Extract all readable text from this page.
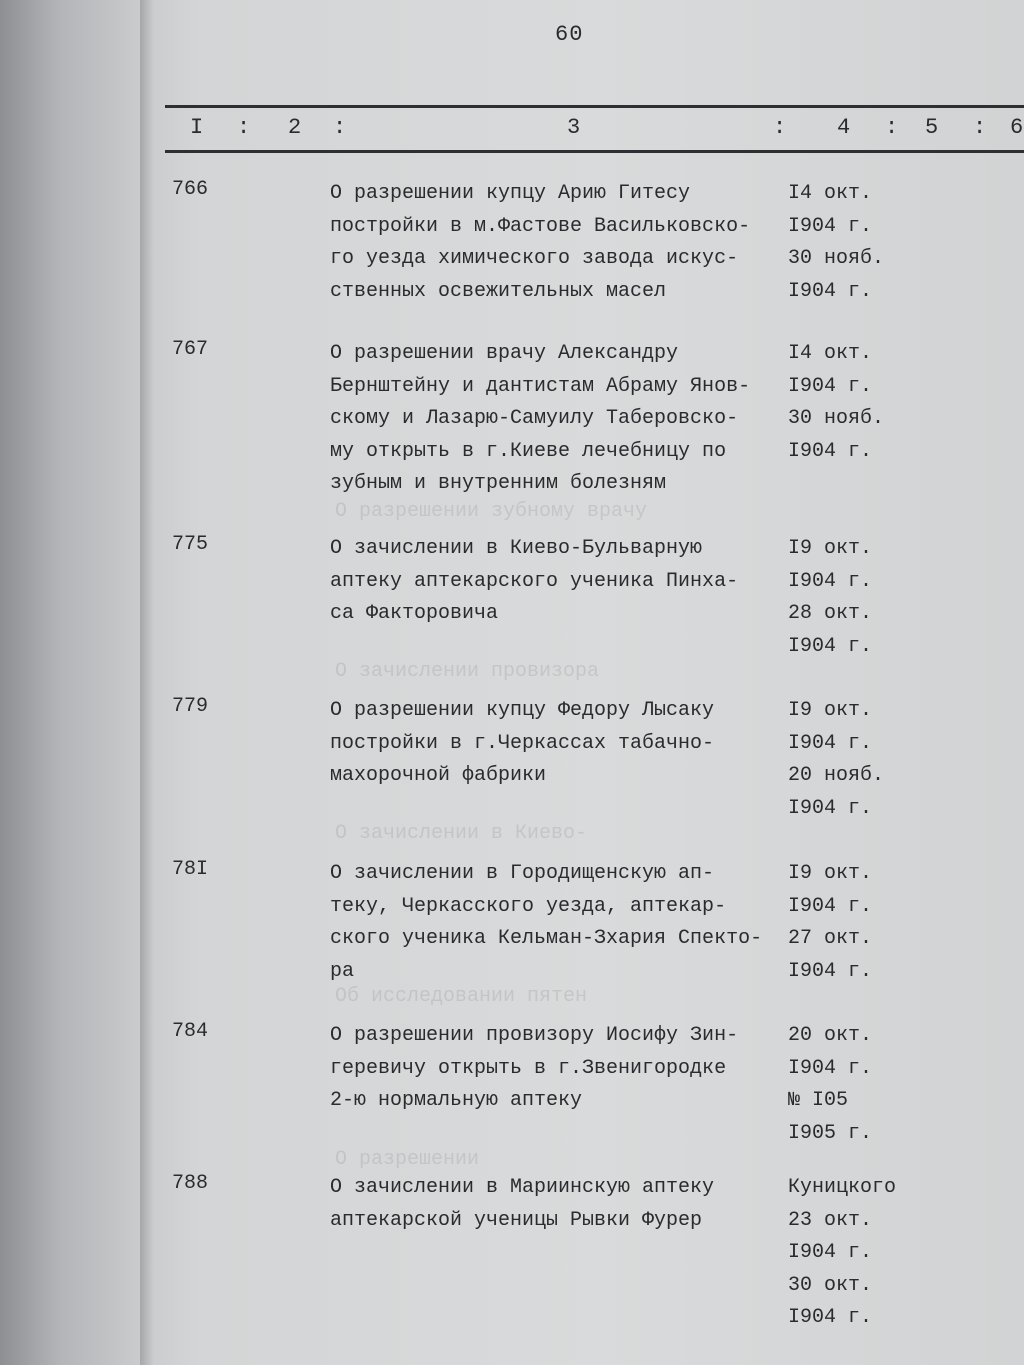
О разрешении зубному врачу
О зачислении провизора
О зачислении в Киево-
Об исследовании пятен
О разрешении
60
I : 2 :	3	: 4 : 5 : 6
766	О разрешении купцу Арию Гитесу
постройки в м.Фастове Васильковско-
го уезда химического завода искус-
ственных освежительных масел
I4 окт.
I904 г.
30 нояб.
I904 г.
767	О разрешении врачу Александру
Бернштейну и дантистам Абраму Янов-
скому и Лазарю-Самуилу Таберовско-
му открыть в г.Киеве лечебницу по
зубным и внутренним болезням
I4 окт.
I904 г.
30 нояб.
I904 г.
775	О зачислении в Киево-Бульварную
аптеку аптекарского ученика Пинха-
са Факторовича
I9 окт.
I904 г.
28 окт.
I904 г.
779	О разрешении купцу Федору Лысаку
постройки в г.Черкассах табачно-
махорочной фабрики
I9 окт.
I904 г.
20 нояб.
I904 г.
78I	О зачислении в Городищенскую ап-
теку, Черкасского уезда, аптекар-
ского ученика Кельман-Зхария Спекто-
ра
I9 окт.
I904 г.
27 окт.
I904 г.
784	О разрешении провизору Иосифу Зин-
геревичу открыть в г.Звенигородке
2-ю нормальную аптеку
20 окт.
I904 г.
№ I05
I905 г.
788	О зачислении в Мариинскую аптеку
аптекарской ученицы Рывки Фурер
Куницкого
23 окт.
I904 г.
30 окт.
I904 г.
